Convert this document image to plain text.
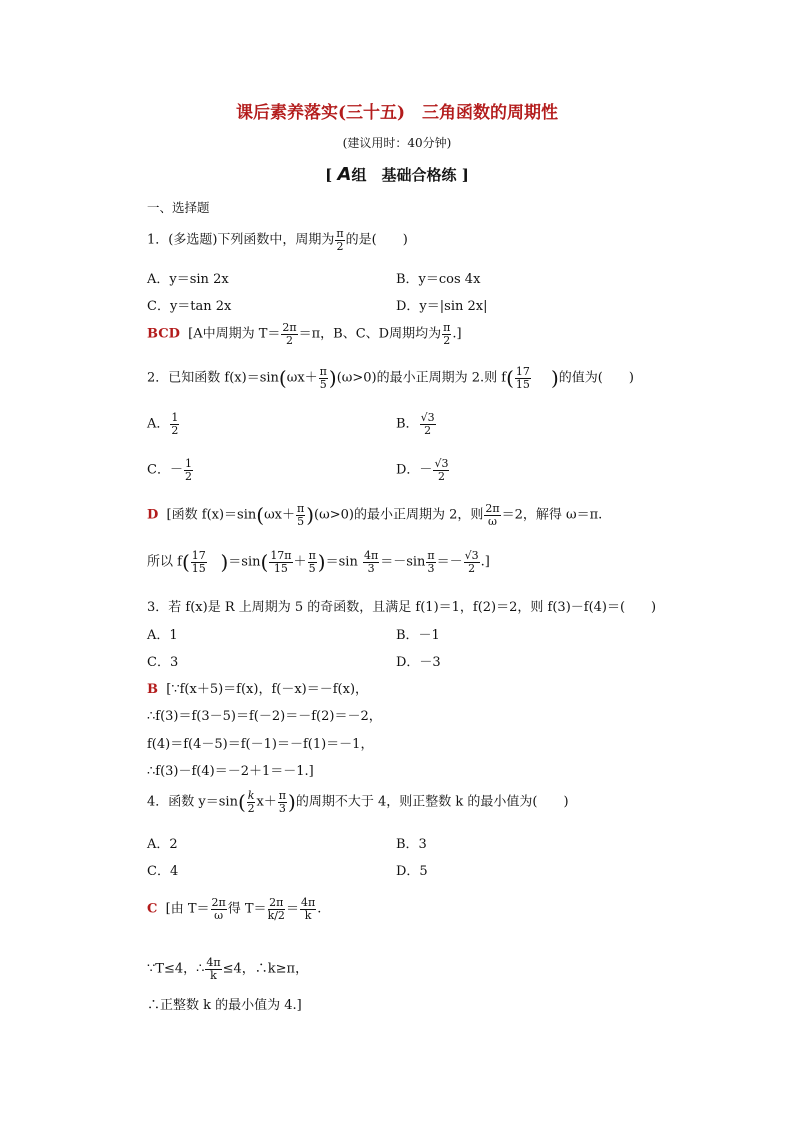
课后素养落实(三十五)　三角函数的周期性
(建议用时：40分钟)
[ A组　基础合格练 ]
一、选择题
1．(多选题)下列函数中，周期为 $\frac{\pi}{2}$ 的是(　　)
A．y＝sin 2x	B．y＝cos 4x
C．y＝tan 2x	D．y＝|sin 2x|
BCD [A中周期为 $T= \frac{2\pi}{2} =\pi$，B、C、D周期均为 $\frac{\pi}{2}$ .]
2．已知函数 $f(x)=\sin(\omega x+ \frac{\pi}{5} )(\omega>0)$的最小正周期为 2.则 $f( \frac{17}{15}$ )的值为(　　)
A． $\frac{1}{2}$	B． $\frac{√3}{2}$
C．－ $\frac{1}{2}$	D．－ $\frac{√3}{2}$
D [函数 $f(x)=\sin(\omega x+ \frac{\pi}{5} )(\omega>0)$的最小正周期为 2，则 $\frac{2\pi}{\omega} =2$，解得 ω＝π.
所以 $f( \frac{17}{15} )=\sin( \frac{17\pi}{15} + \frac{\pi}{5} )=\sin \frac{4\pi}{3} =-\sin \frac{\pi}{3} =- \frac{√3}{2}$ .]
3．若 f(x)是 R 上周期为 5 的奇函数，且满足 f(1)＝1，f(2)＝2，则 f(3)－f(4)＝(　　)
A．1	B．－1
C．3	D．－3
B [∵f(x＋5)＝f(x)，f(－x)＝－f(x)，
∴f(3)＝f(3－5)＝f(－2)＝－f(2)＝－2，
f(4)＝f(4－5)＝f(－1)＝－f(1)＝－1，
∴f(3)－f(4)＝－2＋1＝－1.]
4．函数 $y=\sin( \frac{k}{2} x+ \frac{\pi}{3}$ )的周期不大于 4，则正整数 k 的最小值为(　　)
A．2	B．3
C．4	D．5
C [由 $T= \frac{2\pi}{\omega}$ 得 $T= \frac{2\pi}{k/2} = \frac{4\pi}{k}$ .
∵T≤4，∴ $\frac{4\pi}{k} \le 4$，∴k≥π，
∴正整数 k 的最小值为 4.]
